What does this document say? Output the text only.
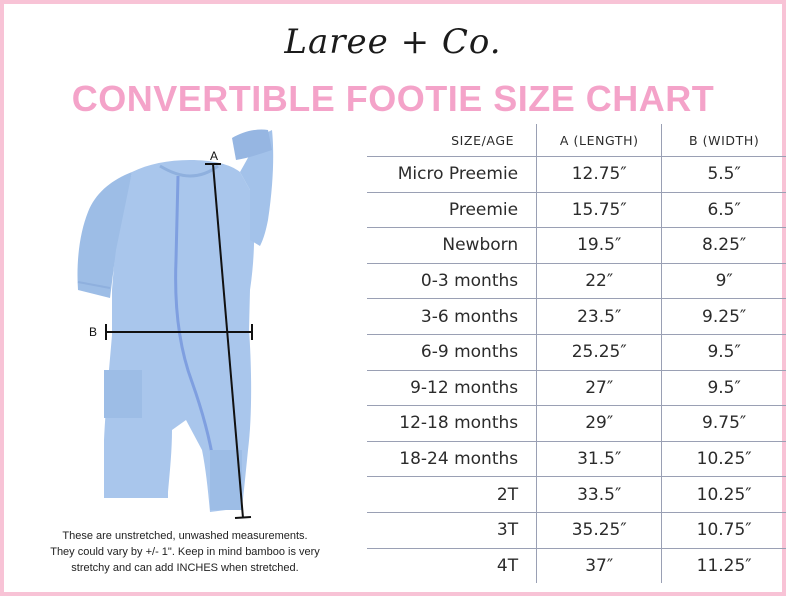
Laree + Co.
CONVERTIBLE FOOTIE SIZE CHART
A
B
These are unstretched, unwashed measurements.
They could vary by +/- 1". Keep in mind bamboo is very
stretchy and can add INCHES when stretched.
SIZE/AGE	A (LENGTH)	B (WIDTH)
Micro Preemie	12.75″	5.5″
Preemie	15.75″	6.5″
Newborn	19.5″	8.25″
0-3 months	22″	9″
3-6 months	23.5″	9.25″
6-9 months	25.25″	9.5″
9-12 months	27″	9.5″
12-18 months	29″	9.75″
18-24 months	31.5″	10.25″
2T	33.5″	10.25″
3T	35.25″	10.75″
4T	37″	11.25″
